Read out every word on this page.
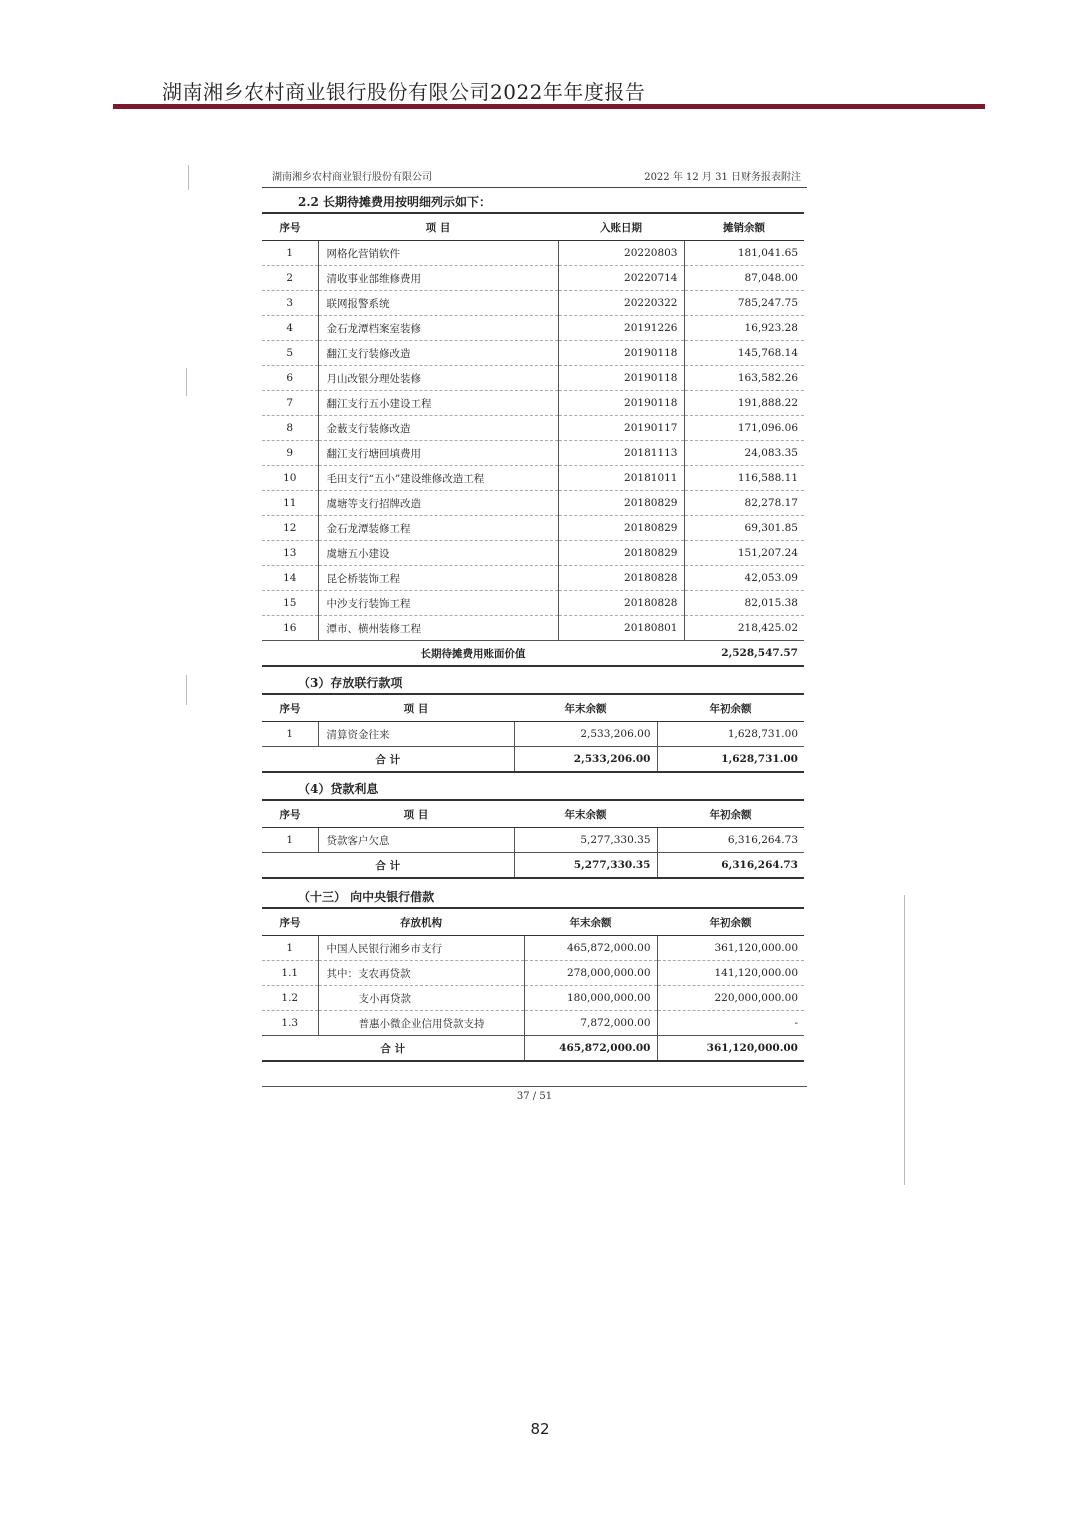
湖南湘乡农村商业银行股份有限公司2022年年度报告
湖南湘乡农村商业银行股份有限公司	2022 年 12 月 31 日财务报表附注
2.2 长期待摊费用按明细列示如下：
序号	项 目	入账日期	摊销余额
1	网格化营销软件	20220803	181,041.65
2	清收事业部维修费用	20220714	87,048.00
3	联网报警系统	20220322	785,247.75
4	金石龙潭档案室装修	20191226	16,923.28
5	翻江支行装修改造	20190118	145,768.14
6	月山改银分理处装修	20190118	163,582.26
7	翻江支行五小建设工程	20190118	191,888.22
8	金薮支行装修改造	20190117	171,096.06
9	翻江支行塘回填费用	20181113	24,083.35
10	毛田支行“五小”建设维修改造工程	20181011	116,588.11
11	虞塘等支行招牌改造	20180829	82,278.17
12	金石龙潭装修工程	20180829	69,301.85
13	虞塘五小建设	20180829	151,207.24
14	昆仑桥装饰工程	20180828	42,053.09
15	中沙支行装饰工程	20180828	82,015.38
16	潭市、横州装修工程	20180801	218,425.02
长期待摊费用账面价值			2,528,547.57
（3）存放联行款项
序号	项 目	年末余额	年初余额
1	清算资金往来	2,533,206.00	1,628,731.00
合 计		2,533,206.00	1,628,731.00
（4）贷款利息
序号	项 目	年末余额	年初余额
1	贷款客户欠息	5,277,330.35	6,316,264.73
合 计		5,277,330.35	6,316,264.73
（十三） 向中央银行借款
序号	存放机构	年末余额	年初余额
1	中国人民银行湘乡市支行	465,872,000.00	361,120,000.00
1.1	其中：支农再贷款	278,000,000.00	141,120,000.00
1.2	支小再贷款	180,000,000.00	220,000,000.00
1.3	普惠小微企业信用贷款支持	7,872,000.00	-
合 计		465,872,000.00	361,120,000.00
37 / 51
82
